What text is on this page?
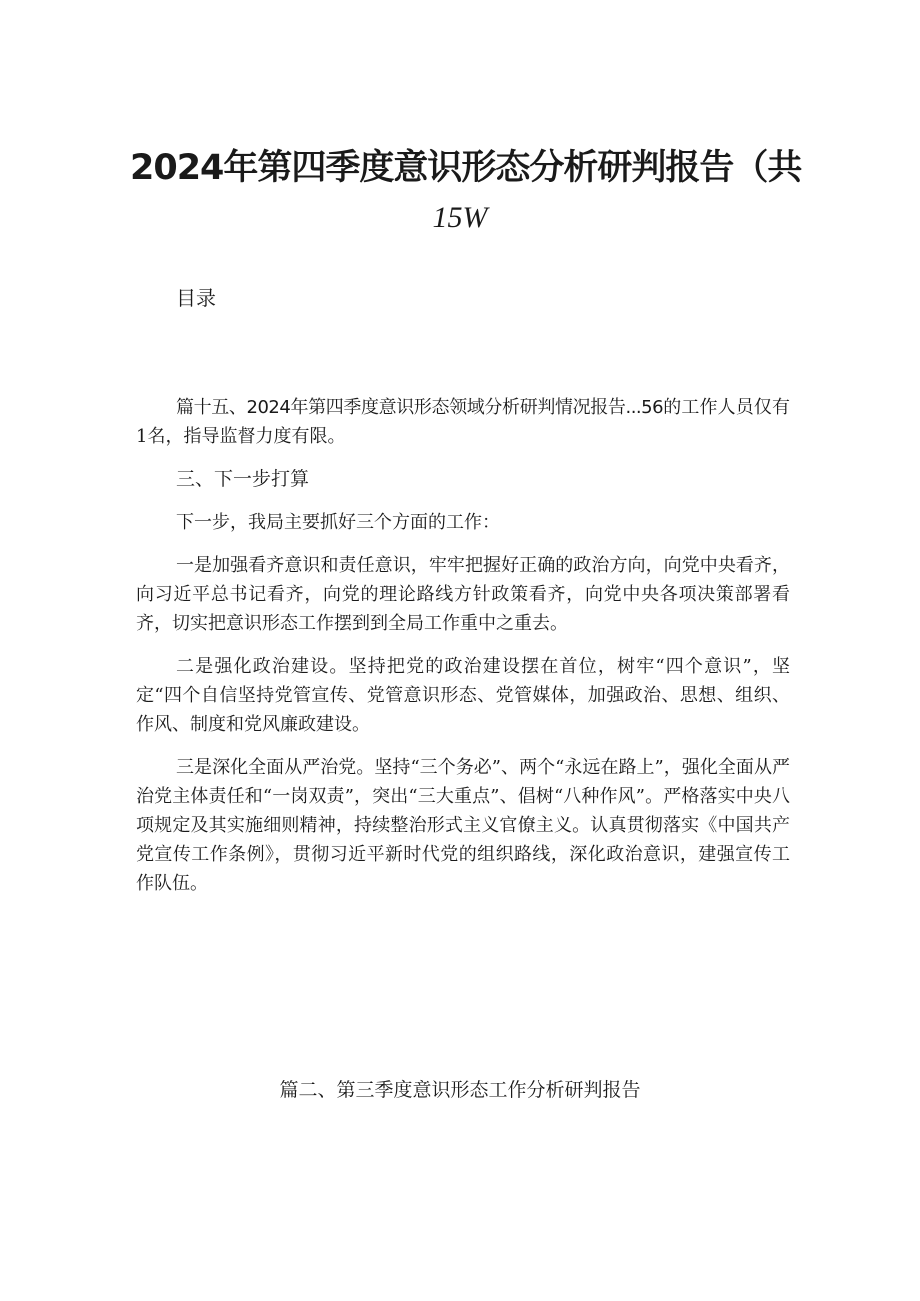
2024年第四季度意识形态分析研判报告（共
15W
目录

篇十五、2024年第四季度意识形态领域分析研判情况报告...56的工作人员仅有1名，指导监督力度有限。

三、下一步打算

下一步，我局主要抓好三个方面的工作：

一是加强看齐意识和责任意识，牢牢把握好正确的政治方向，向党中央看齐，向习近平总书记看齐，向党的理论路线方针政策看齐，向党中央各项决策部署看齐，切实把意识形态工作摆到到全局工作重中之重去。

二是强化政治建设。坚持把党的政治建设摆在首位，树牢“四个意识”，坚定“四个自信坚持党管宣传、党管意识形态、党管媒体，加强政治、思想、组织、作风、制度和党风廉政建设。

三是深化全面从严治党。坚持“三个务必”、两个“永远在路上”，强化全面从严治党主体责任和“一岗双责”，突出“三大重点”、倡树“八种作风”。严格落实中央八项规定及其实施细则精神，持续整治形式主义官僚主义。认真贯彻落实《中国共产党宣传工作条例》，贯彻习近平新时代党的组织路线，深化政治意识，建强宣传工作队伍。

篇二、第三季度意识形态工作分析研判报告
